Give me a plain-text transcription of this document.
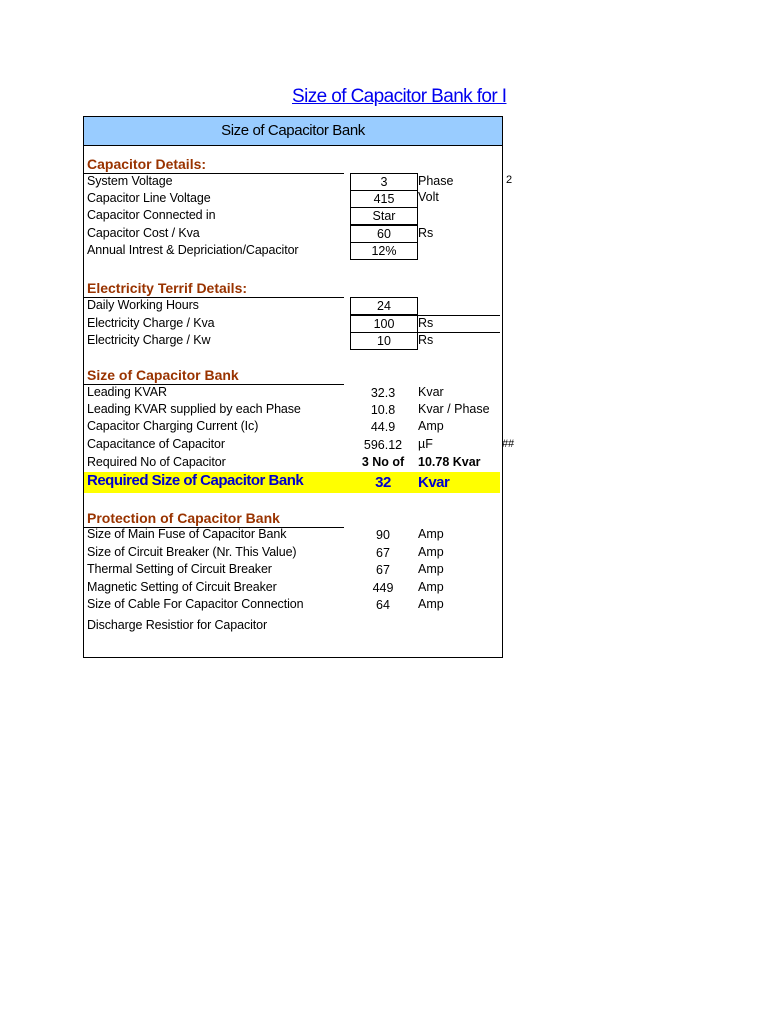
Size of Capacitor Bank for I
Size of Capacitor Bank
Capacitor Details:
System Voltage	3	Phase	2
Capacitor Line Voltage	415	Volt
Capacitor Connected in	Star
Capacitor Cost / Kva	60	Rs
Annual Intrest & Depriciation/Capacitor	12%
Electricity Terrif Details:
Daily Working Hours	24
Electricity Charge / Kva	100	Rs
Electricity Charge / Kw	10	Rs
Size of Capacitor Bank
Leading KVAR	32.3	Kvar
Leading KVAR supplied by each Phase	10.8	Kvar / Phase
Capacitor Charging Current (Ic)	44.9	Amp
Capacitance of Capacitor	596.12	µF	##
Required No of Capacitor	3 No of	10.78 Kvar
Required Size of Capacitor Bank	32	Kvar
Protection of Capacitor Bank
Size of Main Fuse of Capacitor Bank	90	Amp
Size of Circuit Breaker (Nr. This Value)	67	Amp
Thermal Setting of Circuit Breaker	67	Amp
Magnetic Setting of Circuit Breaker	449	Amp
Size of Cable For Capacitor Connection	64	Amp
Discharge Resistior for Capacitor
